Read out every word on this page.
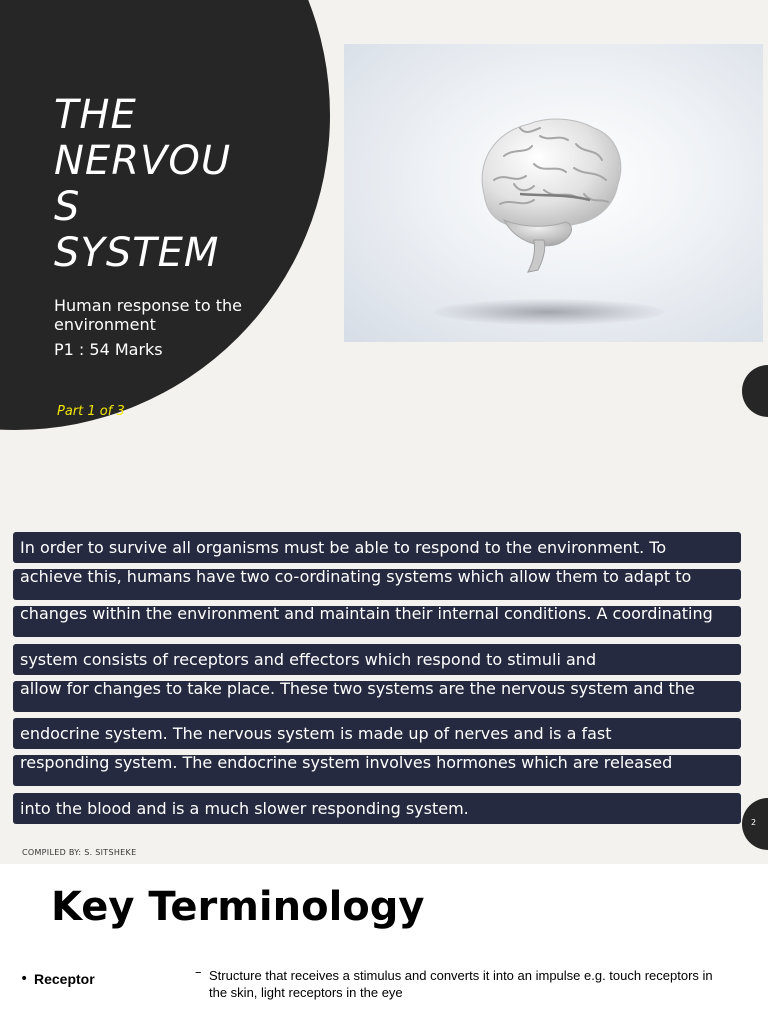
THE
NERVOU
S
SYSTEM
Human response to the environment
P1 : 54 Marks
Part 1 of 3
In order to survive all organisms must be able to respond to the environment. To
achieve this, humans have two co-ordinating systems which allow them to adapt to
changes within the environment and maintain their internal conditions. A coordinating
system consists of receptors and effectors which respond to stimuli and
allow for changes to take place. These two systems are the nervous system and the
endocrine system. The nervous system is made up of nerves and is a fast
responding system. The endocrine system involves hormones which are released
into the blood and is a much slower responding system.
2
COMPILED BY: S. SITSHEKE
Key Terminology
• Receptor	– Structure that receives a stimulus and converts it into an impulse e.g. touch receptors in the skin, light receptors in the eye
